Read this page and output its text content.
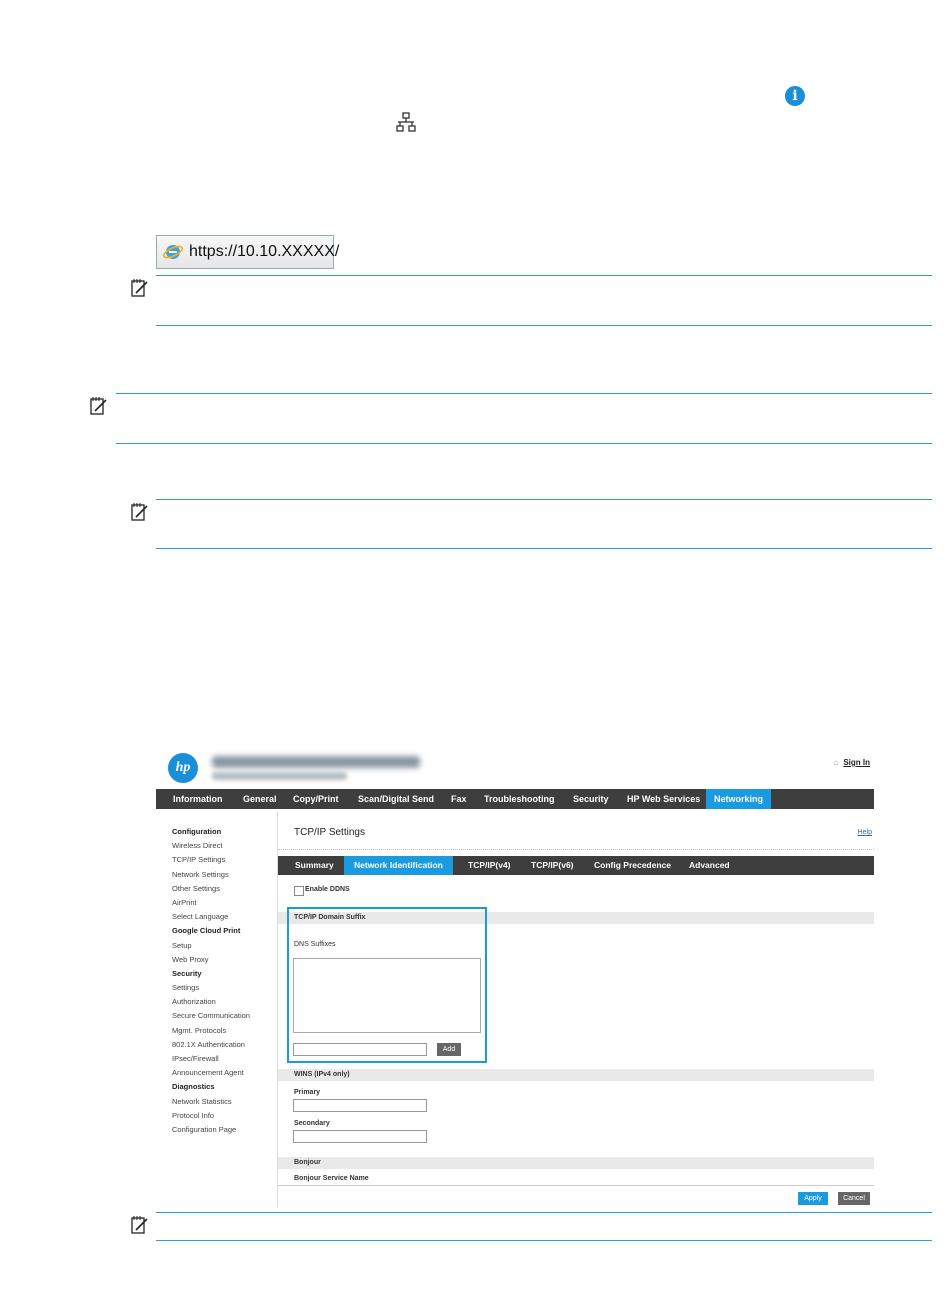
i
https://10.10.XXXXX/
hp	⌂ Sign In
Information General Copy/Print Scan/Digital Send Fax Troubleshooting Security HP Web Services	Networking
Configuration
Wireless Direct
TCP/IP Settings
Network Settings
Other Settings
AirPrint
Select Language
Google Cloud Print
Setup
Web Proxy
Security
Settings
Authorization
Secure Communication
Mgmt. Protocols
802.1X Authentication
IPsec/Firewall
Announcement Agent
Diagnostics
Network Statistics
Protocol Info
Configuration Page
TCP/IP Settings	Help
Summary	Network Identification	TCP/IP(v4) TCP/IP(v6) Config Precedence Advanced
Enable DDNS
TCP/IP Domain Suffix
DNS Suffixes
Add
WINS (IPv4 only)
Primary
Secondary
Bonjour
Bonjour Service Name
Apply	Cancel
